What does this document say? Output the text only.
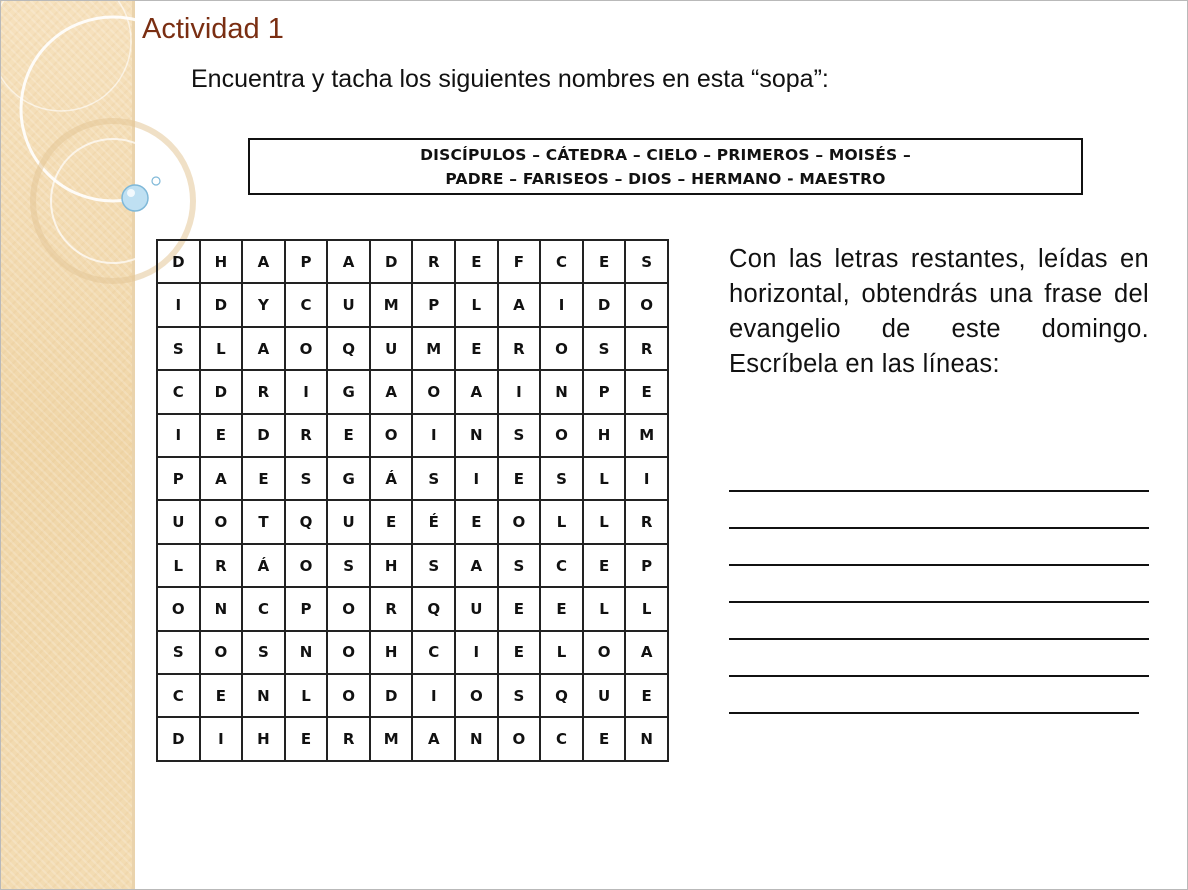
Actividad 1
Encuentra y tacha los siguientes nombres en esta “sopa”:
DISCÍPULOS – CÁTEDRA – CIELO – PRIMEROS – MOISÉS –
PADRE – FARISEOS – DIOS – HERMANO - MAESTRO
D	H	A	P	A	D	R	E	F	C	E	S
I	D	Y	C	U	M	P	L	A	I	D	O
S	L	A	O	Q	U	M	E	R	O	S	R
C	D	R	I	G	A	O	A	I	N	P	E
I	E	D	R	E	O	I	N	S	O	H	M
P	A	E	S	G	Á	S	I	E	S	L	I
U	O	T	Q	U	E	É	E	O	L	L	R
L	R	Á	O	S	H	S	A	S	C	E	P
O	N	C	P	O	R	Q	U	E	E	L	L
S	O	S	N	O	H	C	I	E	L	O	A
C	E	N	L	O	D	I	O	S	Q	U	E
D	I	H	E	R	M	A	N	O	C	E	N
Con las letras restantes, leídas en horizontal, obtendrás una frase del evangelio de este domingo. Escríbela en las líneas:
